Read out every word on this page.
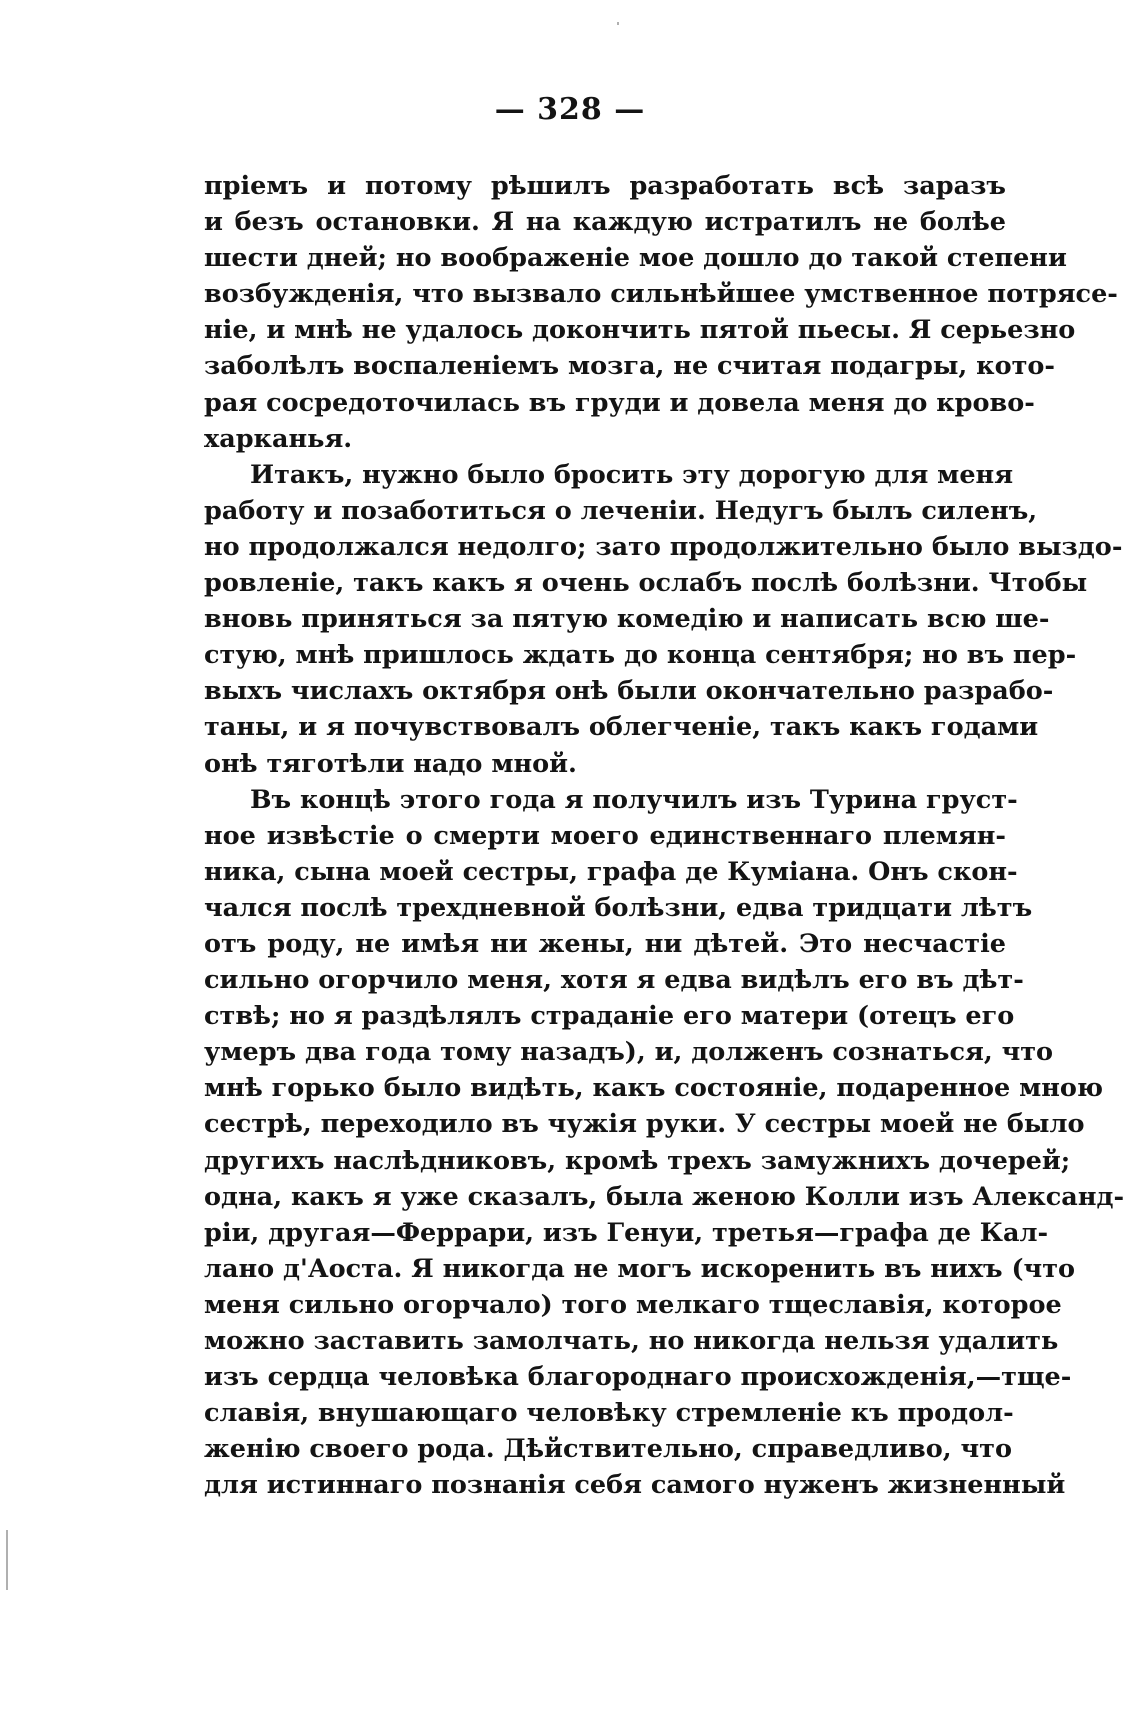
— 328 —
пріемъ и потому рѣшилъ разработать всѣ заразъ
и безъ остановки. Я на каждую истратилъ не болѣе
шести дней; но воображеніе мое дошло до такой степени
возбужденія, что вызвало сильнѣйшее умственное потрясе-
ніе, и мнѣ не удалось докончить пятой пьесы. Я серьезно
заболѣлъ воспаленіемъ мозга, не считая подагры, кото-
рая сосредоточилась въ груди и довела меня до крово-
харканья.
Итакъ, нужно было бросить эту дорогую для меня
работу и позаботиться о леченіи. Недугъ былъ силенъ,
но продолжался недолго; зато продолжительно было выздо-
ровленіе, такъ какъ я очень ослабъ послѣ болѣзни. Чтобы
вновь приняться за пятую комедію и написать всю ше-
стую, мнѣ пришлось ждать до конца сентября; но въ пер-
выхъ числахъ октября онѣ были окончательно разрабо-
таны, и я почувствовалъ облегченіе, такъ какъ годами
онѣ тяготѣли надо мной.
Въ концѣ этого года я получилъ изъ Турина груст-
ное извѣстіе о смерти моего единственнаго племян-
ника, сына моей сестры, графа де Куміана. Онъ скон-
чался послѣ трехдневной болѣзни, едва тридцати лѣтъ
отъ роду, не имѣя ни жены, ни дѣтей. Это несчастіе
сильно огорчило меня, хотя я едва видѣлъ его въ дѣт-
ствѣ; но я раздѣлялъ страданіе его матери (отецъ его
умеръ два года тому назадъ), и, долженъ сознаться, что
мнѣ горько было видѣть, какъ состояніе, подаренное мною
сестрѣ, переходило въ чужія руки. У сестры моей не было
другихъ наслѣдниковъ, кромѣ трехъ замужнихъ дочерей;
одна, какъ я уже сказалъ, была женою Колли изъ Александ-
ріи, другая—Феррари, изъ Генуи, третья—графа де Кал-
лано д'Аоста. Я никогда не могъ искоренить въ нихъ (что
меня сильно огорчало) того мелкаго тщеславія, которое
можно заставить замолчать, но никогда нельзя удалить
изъ сердца человѣка благороднаго происхожденія,—тще-
славія, внушающаго человѣку стремленіе къ продол-
женію своего рода. Дѣйствительно, справедливо, что
для истиннаго познанія себя самого нуженъ жизненный
